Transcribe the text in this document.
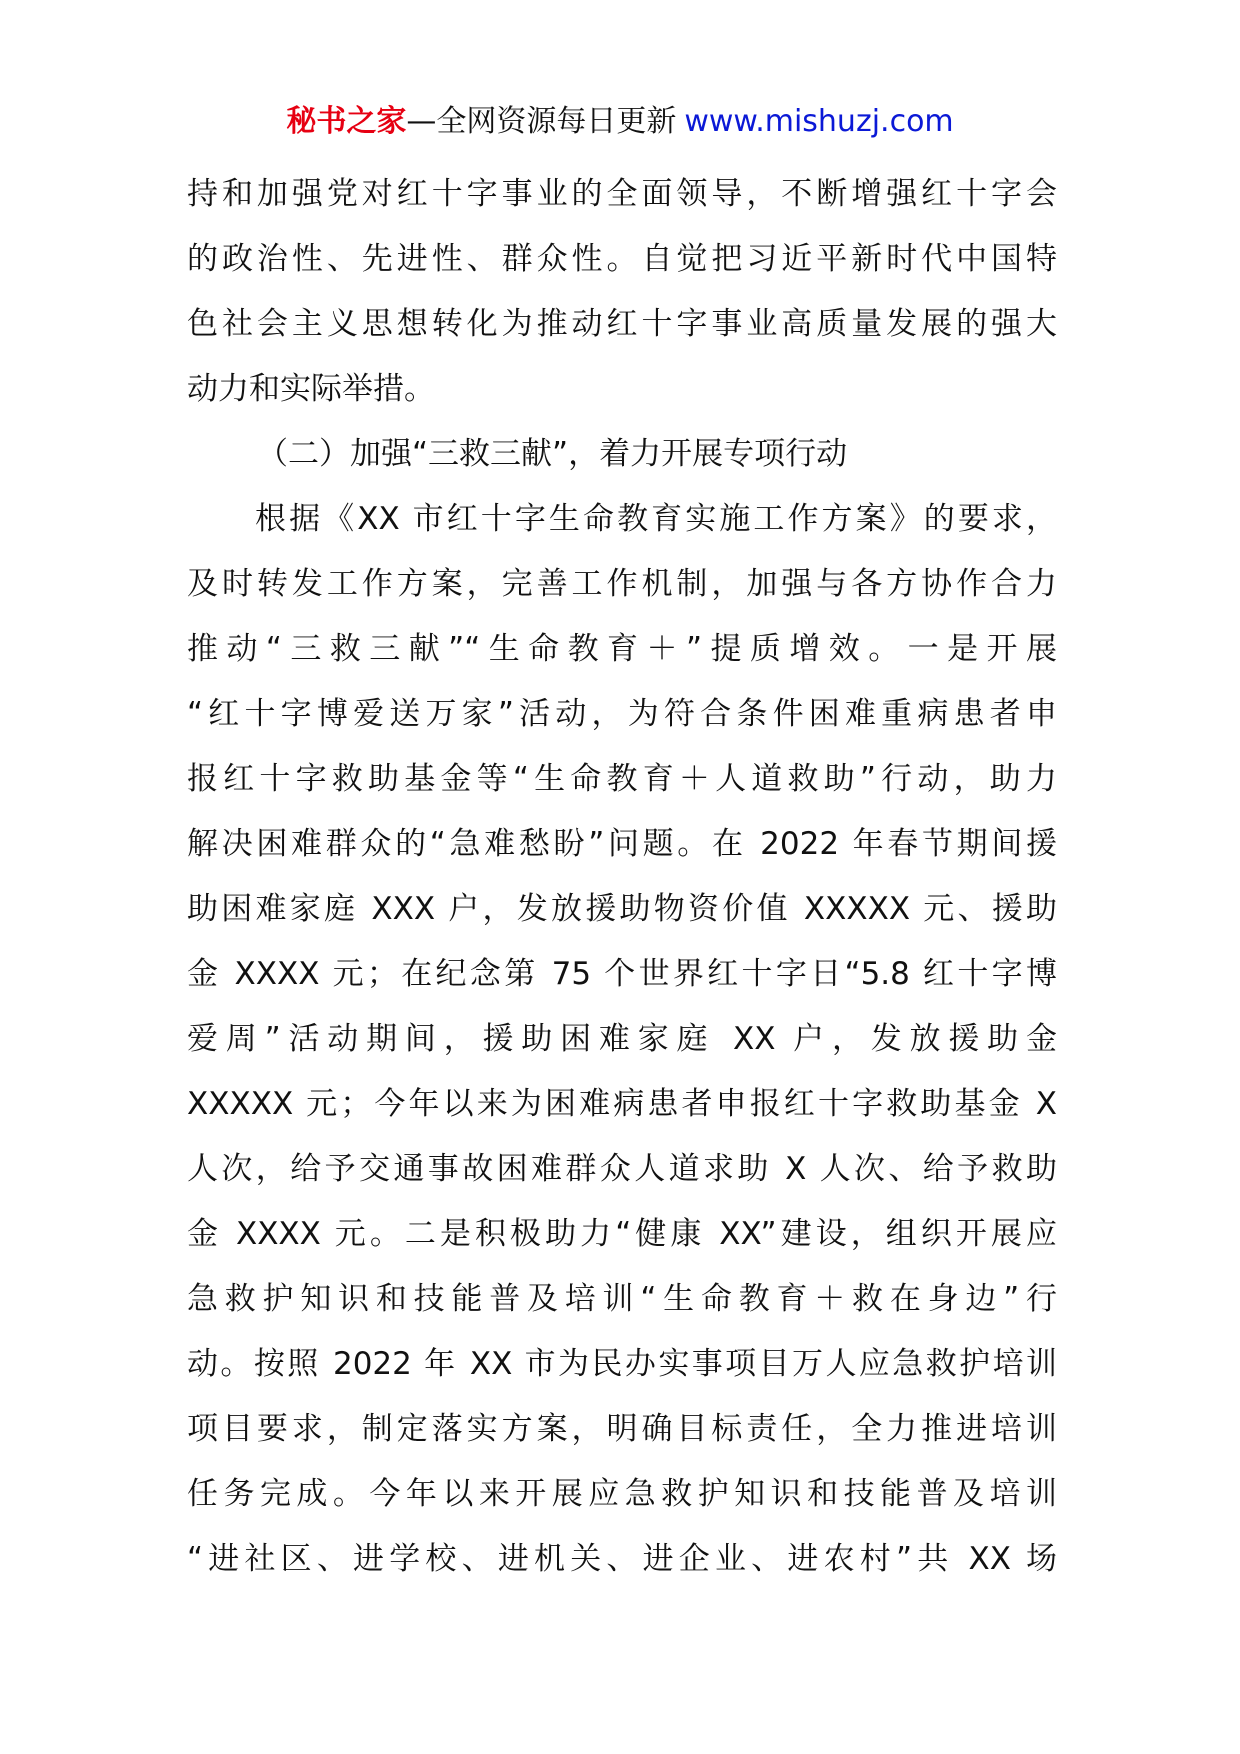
秘书之家—全网资源每日更新 www.mishuzj.com
持和加强党对红十字事业的全面领导，不断增强红十字会
的政治性、先进性、群众性。自觉把习近平新时代中国特
色社会主义思想转化为推动红十字事业高质量发展的强大
动力和实际举措。
（二）加强“三救三献”，着力开展专项行动
根据《XX 市红十字生命教育实施工作方案》的要求，
及时转发工作方案，完善工作机制，加强与各方协作合力
推动“三救三献”“生命教育＋”提质增效。一是开展
“红十字博爱送万家”活动，为符合条件困难重病患者申
报红十字救助基金等“生命教育＋人道救助”行动，助力
解决困难群众的“急难愁盼”问题。在 2022 年春节期间援
助困难家庭 XXX 户，发放援助物资价值 XXXXX 元、援助
金 XXXX 元；在纪念第 75 个世界红十字日“5.8 红十字博
爱周”活动期间，援助困难家庭 XX 户，发放援助金
XXXXX 元；今年以来为困难病患者申报红十字救助基金 X
人次，给予交通事故困难群众人道求助 X 人次、给予救助
金 XXXX 元。二是积极助力“健康 XX”建设，组织开展应
急救护知识和技能普及培训“生命教育＋救在身边”行
动。按照 2022 年 XX 市为民办实事项目万人应急救护培训
项目要求，制定落实方案，明确目标责任，全力推进培训
任务完成。今年以来开展应急救护知识和技能普及培训
“进社区、进学校、进机关、进企业、进农村”共 XX 场
